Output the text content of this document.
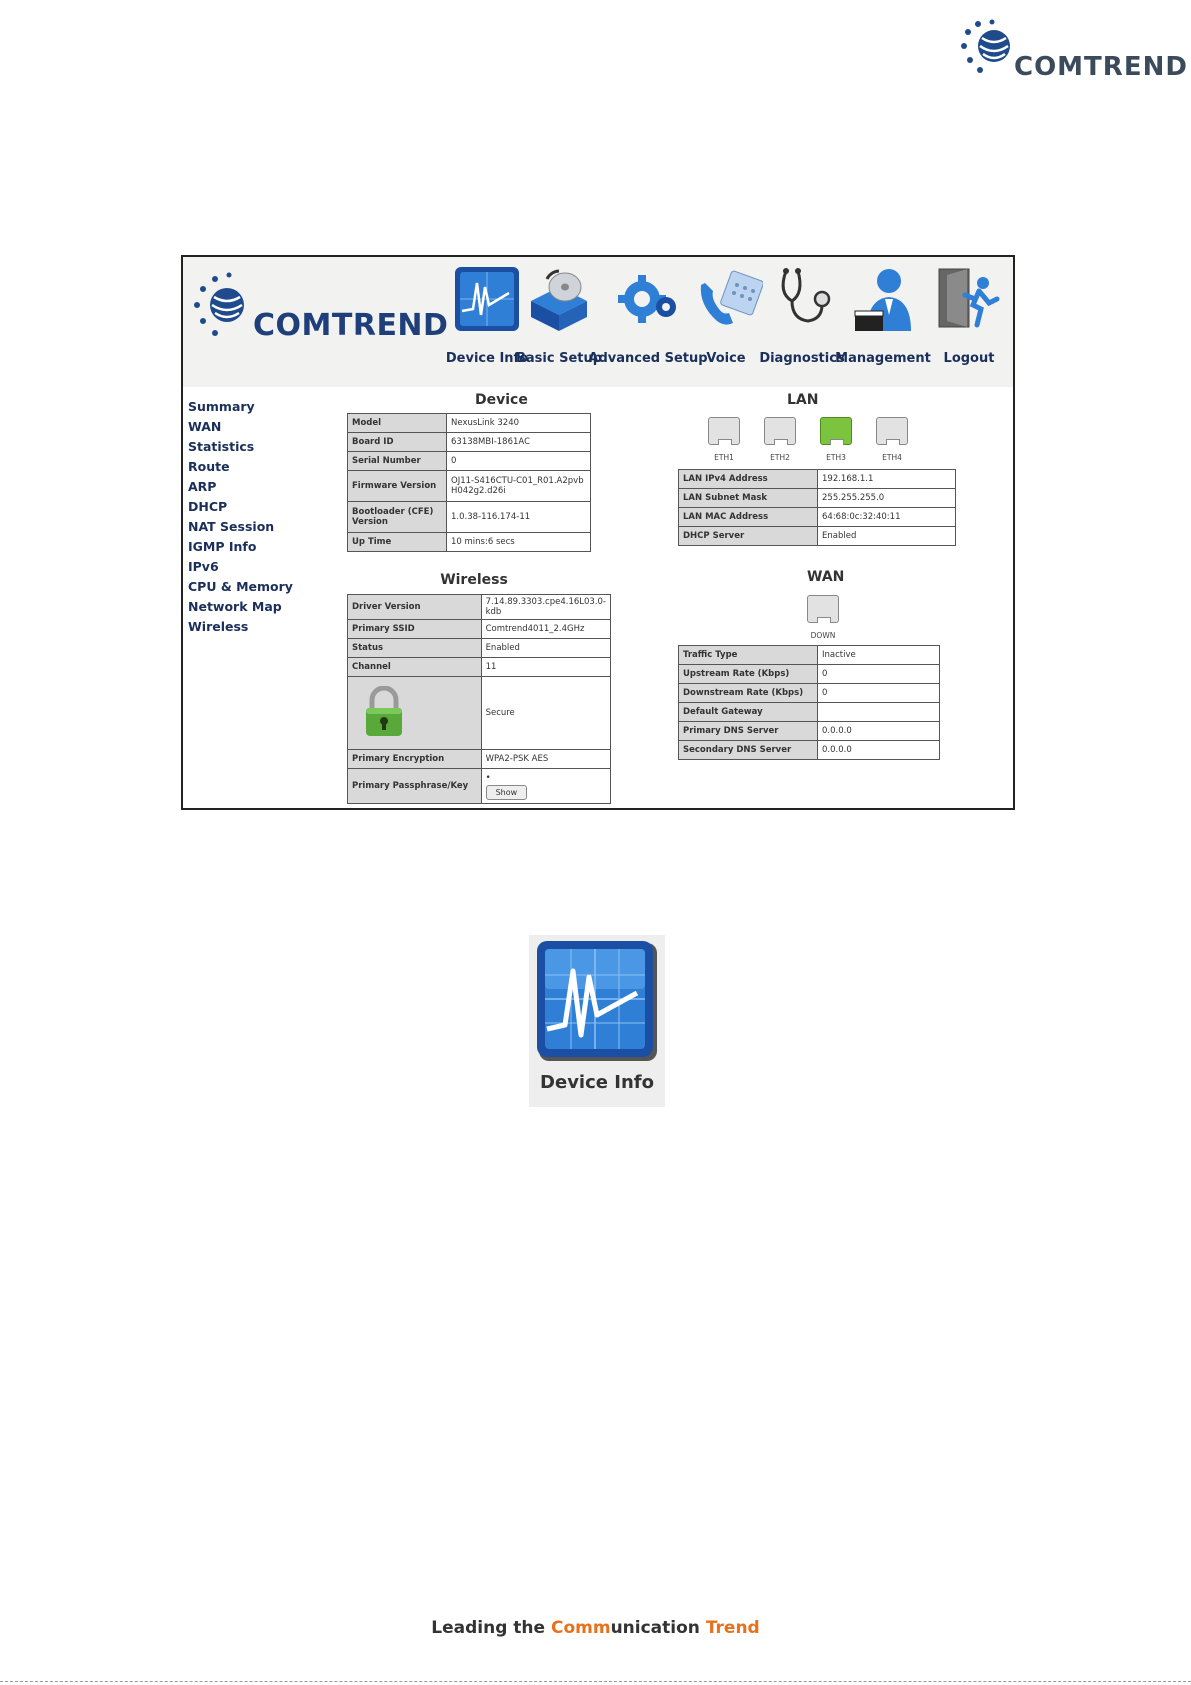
COMTREND
COMTREND
Device Info
Basic Setup
Advanced Setup
Voice Diagnostics
Management Logout
Summary
WAN
Statistics
Route
ARP
DHCP
NAT Session
IGMP Info
IPv6
CPU & Memory
Network Map
Wireless
Device
Model	NexusLink 3240
Board ID	63138MBI-1861AC
Serial Number	0
Firmware Version	OJ11-S416CTU-C01_R01.A2pvbH042g2.d26i
Bootloader (CFE) Version	1.0.38-116.174-11
Up Time	10 mins:6 secs
Wireless
Driver Version	7.14.89.3303.cpe4.16L03.0-kdb
Primary SSID	Comtrend4011_2.4GHz
Status	Enabled
Channel	11
	Secure
Primary Encryption	WPA2-PSK AES
Primary Passphrase/Key	•
Show
LAN
ETH1	ETH2	ETH3	ETH4
LAN IPv4 Address	192.168.1.1
LAN Subnet Mask	255.255.255.0
LAN MAC Address	64:68:0c:32:40:11
DHCP Server	Enabled
WAN
DOWN
Traffic Type	Inactive
Upstream Rate (Kbps)	0
Downstream Rate (Kbps)	0
Default Gateway	
Primary DNS Server	0.0.0.0
Secondary DNS Server	0.0.0.0
Device Info
Leading the Communication Trend
